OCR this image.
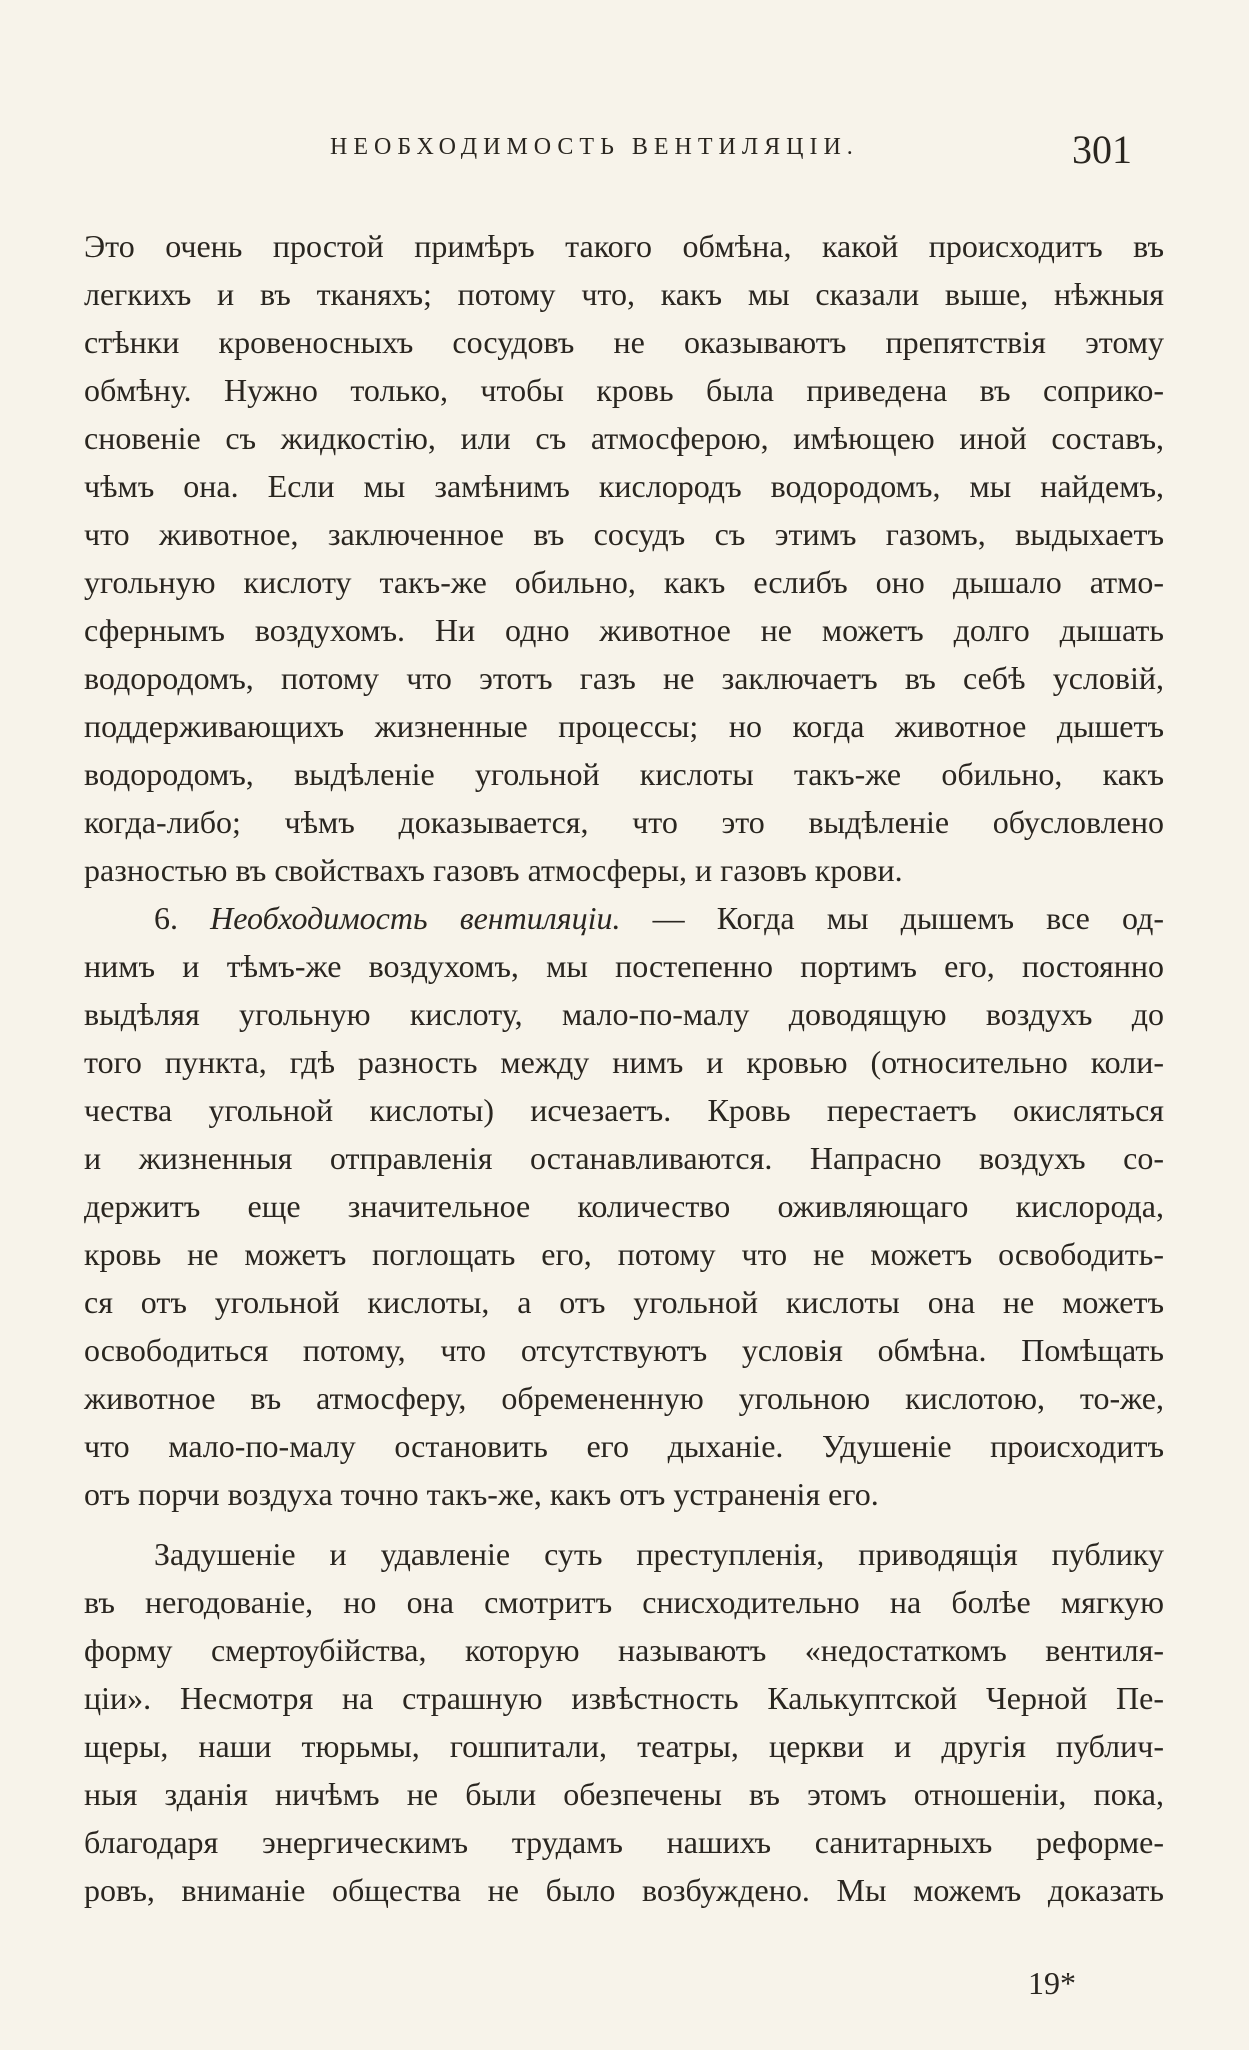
НЕОБХОДИМОСТЬ ВЕНТИЛЯЦІИ.	301
Это очень простой примѣръ такого обмѣна, какой происходитъ въ
легкихъ и въ тканяхъ; потому что, какъ мы сказали выше, нѣжныя
стѣнки кровеносныхъ сосудовъ не оказываютъ препятствія этому
обмѣну. Нужно только, чтобы кровь была приведена въ соприко-
сновеніе съ жидкостію, или съ атмосферою, имѣющею иной составъ,
чѣмъ она. Если мы замѣнимъ кислородъ водородомъ, мы найдемъ,
что животное, заключенное въ сосудъ съ этимъ газомъ, выдыхаетъ
угольную кислоту такъ-же обильно, какъ еслибъ оно дышало атмо-
сфернымъ воздухомъ. Ни одно животное не можетъ долго дышать
водородомъ, потому что этотъ газъ не заключаетъ въ себѣ условій,
поддерживающихъ жизненные процессы; но когда животное дышетъ
водородомъ, выдѣленіе угольной кислоты такъ-же обильно, какъ
когда-либо; чѣмъ доказывается, что это выдѣленіе обусловлено
разностью въ свойствахъ газовъ атмосферы, и газовъ крови.
6. Необходимость вентиляціи. — Когда мы дышемъ все од-
нимъ и тѣмъ-же воздухомъ, мы постепенно портимъ его, постоянно
выдѣляя угольную кислоту, мало-по-малу доводящую воздухъ до
того пункта, гдѣ разность между нимъ и кровью (относительно коли-
чества угольной кислоты) исчезаетъ. Кровь перестаетъ окисляться
и жизненныя отправленія останавливаются. Напрасно воздухъ со-
держитъ еще значительное количество оживляющаго кислорода,
кровь не можетъ поглощать его, потому что не можетъ освободить-
ся отъ угольной кислоты, а отъ угольной кислоты она не можетъ
освободиться потому, что отсутствуютъ условія обмѣна. Помѣщать
животное въ атмосферу, обремененную угольною кислотою, то-же,
что мало-по-малу остановить его дыханіе. Удушеніе происходитъ
отъ порчи воздуха точно такъ-же, какъ отъ устраненія его.
Задушеніе и удавленіе суть преступленія, приводящія публику
въ негодованіе, но она смотритъ снисходительно на болѣе мягкую
форму смертоубійства, которую называютъ «недостаткомъ вентиля-
ціи». Несмотря на страшную извѣстность Калькуптской Черной Пе-
щеры, наши тюрьмы, гошпитали, театры, церкви и другія публич-
ныя зданія ничѣмъ не были обезпечены въ этомъ отношеніи, пока,
благодаря энергическимъ трудамъ нашихъ санитарныхъ реформе-
ровъ, вниманіе общества не было возбуждено. Мы можемъ доказать
19*
